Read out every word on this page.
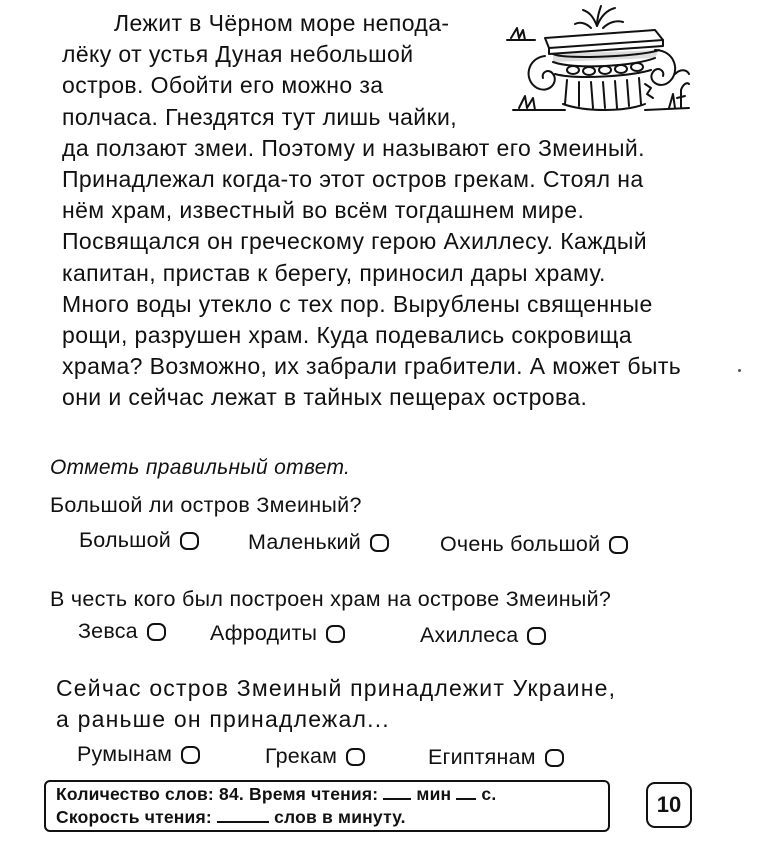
Лежит в Чёрном море непода-
лёку от устья Дуная небольшой
остров. Обойти его можно за
полчаса. Гнездятся тут лишь чайки,
да ползают змеи. Поэтому и называют его Змеиный.
Принадлежал когда-то этот остров грекам. Стоял на
нём храм, известный во всём тогдашнем мире.
Посвящался он греческому герою Ахиллесу. Каждый
капитан, пристав к берегу, приносил дары храму.
Много воды утекло с тех пор. Вырублены священные
рощи, разрушен храм. Куда подевались сокровища
храма? Возможно, их забрали грабители. А может быть
они и сейчас лежат в тайных пещерах острова.
Отметь правильный ответ.
Большой ли остров Змеиный?
Большой	Маленький	Очень большой
В честь кого был построен храм на острове Змеиный?
Зевса	Афродиты	Ахиллеса
Сейчас остров Змеиный принадлежит Украине,
а раньше он принадлежал...
Румынам	Грекам	Египтянам
Количество слов: 84. Время чтения: мин с.
Скорость чтения:	слов в минуту.	10
